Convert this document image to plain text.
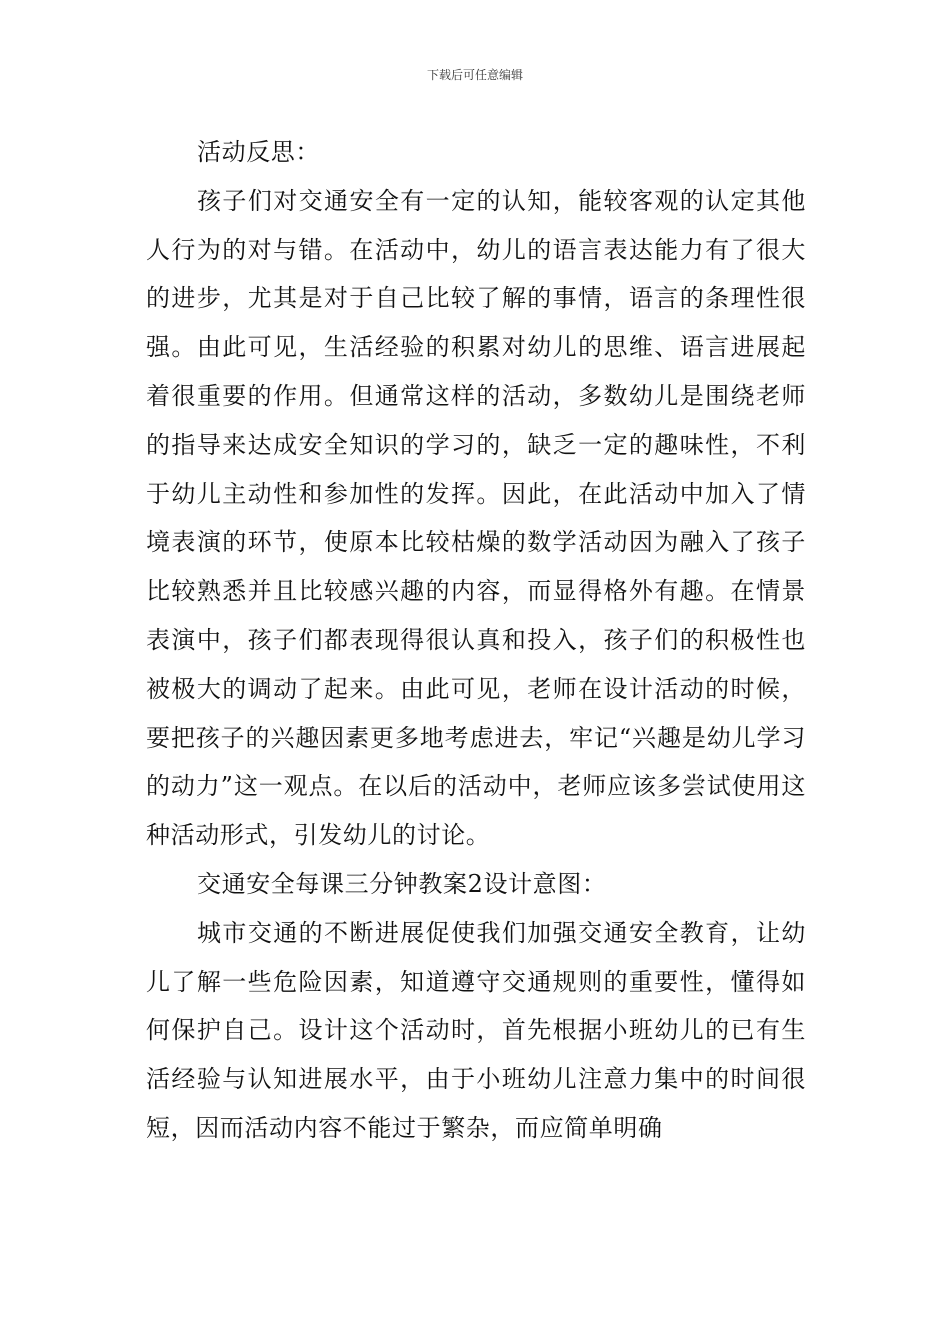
下载后可任意编辑

活动反思：

孩子们对交通安全有一定的认知，能较客观的认定其他人行为的对与错。在活动中，幼儿的语言表达能力有了很大的进步，尤其是对于自己比较了解的事情，语言的条理性很强。由此可见，生活经验的积累对幼儿的思维、语言进展起着很重要的作用。但通常这样的活动，多数幼儿是围绕老师的指导来达成安全知识的学习的，缺乏一定的趣味性，不利于幼儿主动性和参加性的发挥。因此，在此活动中加入了情境表演的环节，使原本比较枯燥的数学活动因为融入了孩子比较熟悉并且比较感兴趣的内容，而显得格外有趣。在情景表演中，孩子们都表现得很认真和投入，孩子们的积极性也被极大的调动了起来。由此可见，老师在设计活动的时候，要把孩子的兴趣因素更多地考虑进去，牢记“兴趣是幼儿学习的动力”这一观点。在以后的活动中，老师应该多尝试使用这种活动形式，引发幼儿的讨论。

交通安全每课三分钟教案2设计意图：

城市交通的不断进展促使我们加强交通安全教育，让幼儿了解一些危险因素，知道遵守交通规则的重要性，懂得如何保护自己。设计这个活动时，首先根据小班幼儿的已有生活经验与认知进展水平，由于小班幼儿注意力集中的时间很短，因而活动内容不能过于繁杂，而应简单明确
